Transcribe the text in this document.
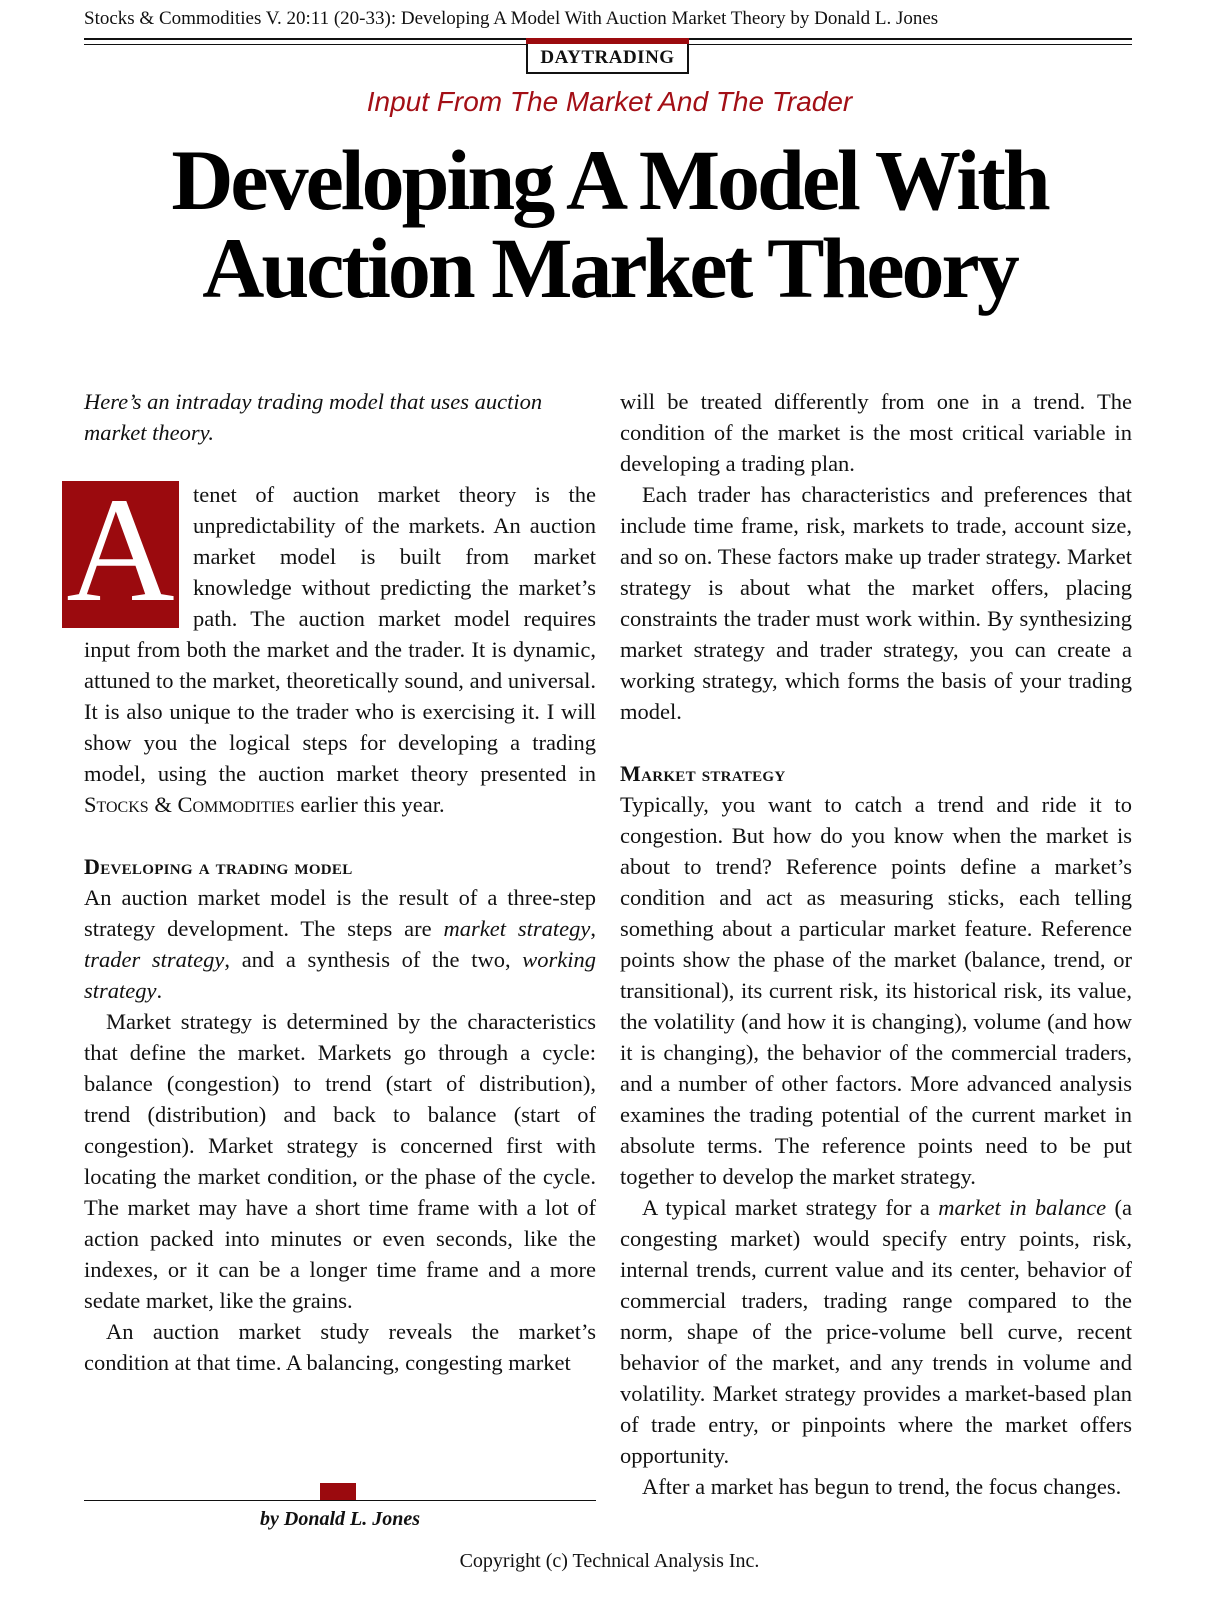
Stocks & Commodities V. 20:11 (20-33): Developing A Model With Auction Market Theory by Donald L. Jones
DAYTRADING
Input From The Market And The Trader
Developing A Model With
Auction Market Theory

Here’s an intraday trading model that uses auction market theory.

A tenet of auction market theory is the unpredictability of the markets. An auction market model is built from market knowledge without predicting the market’s path. The auction market model requires input from both the market and the trader. It is dynamic, attuned to the market, theoretically sound, and universal. It is also unique to the trader who is exercising it. I will show you the logical steps for developing a trading model, using the auction market theory presented in Stocks & Commodities earlier this year.

Developing a trading model

An auction market model is the result of a three-step strategy development. The steps are market strategy, trader strategy, and a synthesis of the two, working strategy.

Market strategy is determined by the characteristics that define the market. Markets go through a cycle: balance (congestion) to trend (start of distribution), trend (distribution) and back to balance (start of congestion). Market strategy is concerned first with locating the market condition, or the phase of the cycle. The market may have a short time frame with a lot of action packed into minutes or even seconds, like the indexes, or it can be a longer time frame and a more sedate market, like the grains.

An auction market study reveals the market’s condition at that time. A balancing, congesting market

will be treated differently from one in a trend. The condition of the market is the most critical variable in developing a trading plan.

Each trader has characteristics and preferences that include time frame, risk, markets to trade, account size, and so on. These factors make up trader strategy. Market strategy is about what the market offers, placing constraints the trader must work within. By synthesizing market strategy and trader strategy, you can create a working strategy, which forms the basis of your trading model.

Market strategy

Typically, you want to catch a trend and ride it to congestion. But how do you know when the market is about to trend? Reference points define a market’s condition and act as measuring sticks, each telling something about a particular market feature. Reference points show the phase of the market (balance, trend, or transitional), its current risk, its historical risk, its value, the volatility (and how it is changing), volume (and how it is changing), the behavior of the commercial traders, and a number of other factors. More advanced analysis examines the trading potential of the current market in absolute terms. The reference points need to be put together to develop the market strategy.

A typical market strategy for a market in balance (a congesting market) would specify entry points, risk, internal trends, current value and its center, behavior of commercial traders, trading range compared to the norm, shape of the price-volume bell curve, recent behavior of the market, and any trends in volume and volatility. Market strategy provides a market-based plan of trade entry, or pinpoints where the market offers opportunity.

After a market has begun to trend, the focus changes.

by Donald L. Jones
Copyright (c) Technical Analysis Inc.
